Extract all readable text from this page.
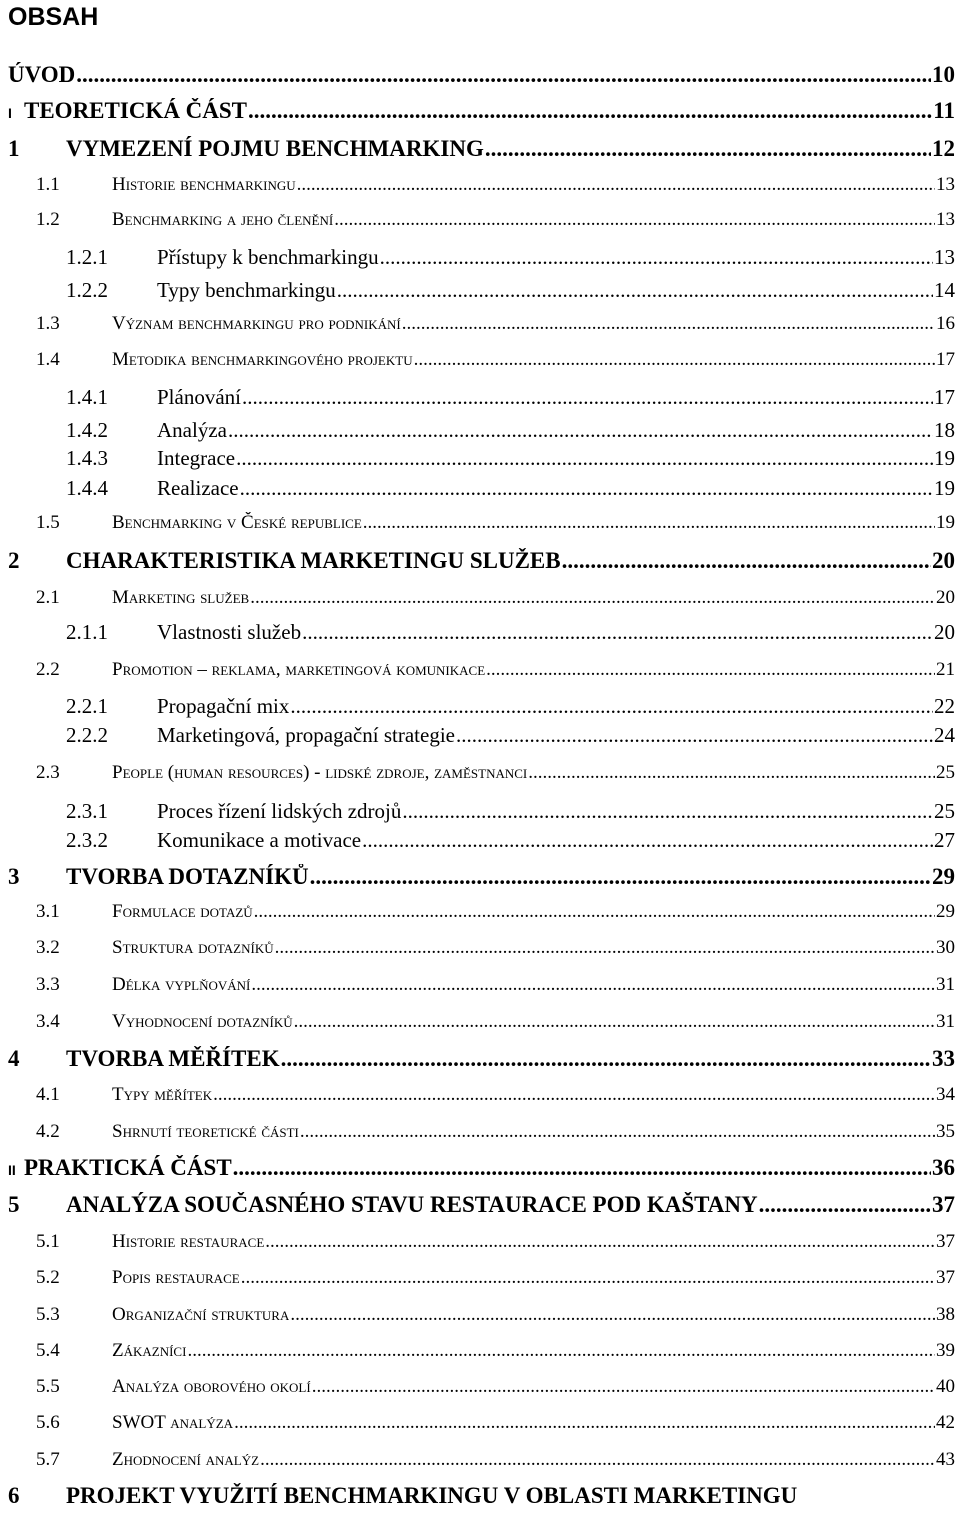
OBSAH
ÚVOD .....	10
I TEORETICKÁ ČÁST .....	11
1	VYMEZENÍ POJMU BENCHMARKING .....	12
1.1	Historie benchmarkingu .....	13
1.2	Benchmarking a jeho členění .....	13
1.2.1	Přístupy k benchmarkingu .....	13
1.2.2	Typy benchmarkingu .....	14
1.3	Význam benchmarkingu pro podnikání .....	16
1.4	Metodika benchmarkingového projektu .....	17
1.4.1	Plánování .....	17
1.4.2	Analýza .....	18
1.4.3	Integrace .....	19
1.4.4	Realizace .....	19
1.5	Benchmarking v České republice .....	19
2	CHARAKTERISTIKA MARKETINGU SLUŽEB .....	20
2.1	Marketing služeb .....	20
2.1.1	Vlastnosti služeb .....	20
2.2	Promotion – reklama, marketingová komunikace .....	21
2.2.1	Propagační mix .....	22
2.2.2	Marketingová, propagační strategie .....	24
2.3	People (human resources) - lidské zdroje, zaměstnanci .....	25
2.3.1	Proces řízení lidských zdrojů .....	25
2.3.2	Komunikace a motivace .....	27
3	TVORBA DOTAZNÍKŮ .....	29
3.1	Formulace dotazů .....	29
3.2	Struktura dotazníků .....	30
3.3	Délka vyplňování .....	31
3.4	Vyhodnocení dotazníků .....	31
4	TVORBA MĚŘÍTEK .....	33
4.1	Typy měřítek .....	34
4.2	Shrnutí teoretické části .....	35
II PRAKTICKÁ ČÁST .....	36
5	ANALÝZA SOUČASNÉHO STAVU RESTAURACE POD KAŠTANY .....	37
5.1	Historie restaurace .....	37
5.2	Popis restaurace .....	37
5.3	Organizační struktura .....	38
5.4	Zákazníci .....	39
5.5	Analýza oborového okolí .....	40
5.6	SWOT analýza .....	42
5.7	Zhodnocení analýz .....	43
6	PROJEKT VYUŽITÍ BENCHMARKINGU V OBLASTI MARKETINGU
